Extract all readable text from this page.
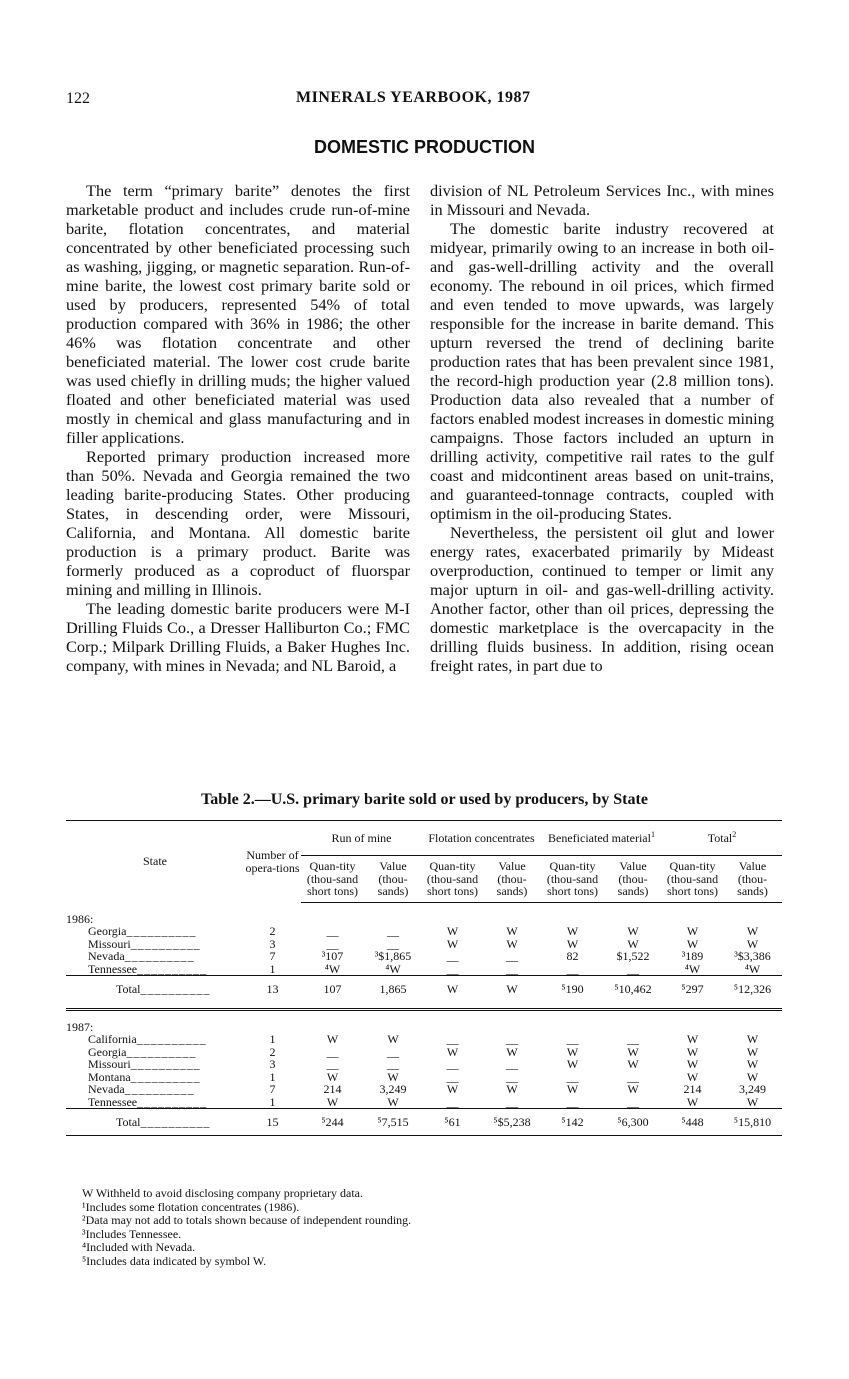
122	MINERALS YEARBOOK, 1987
DOMESTIC PRODUCTION

The term “primary barite” denotes the first marketable product and includes crude run-of-mine barite, flotation concentrates, and material concentrated by other beneficiated processing such as washing, jigging, or magnetic separation. Run-of-mine barite, the lowest cost primary barite sold or used by producers, represented 54% of total production compared with 36% in 1986; the other 46% was flotation concentrate and other beneficiated material. The lower cost crude barite was used chiefly in drilling muds; the higher valued floated and other beneficiated material was used mostly in chemical and glass manufacturing and in filler applications.

Reported primary production increased more than 50%. Nevada and Georgia remained the two leading barite-producing States. Other producing States, in descending order, were Missouri, California, and Montana. All domestic barite production is a primary product. Barite was formerly produced as a coproduct of fluorspar mining and milling in Illinois.

The leading domestic barite producers were M-I Drilling Fluids Co., a Dresser Halliburton Co.; FMC Corp.; Milpark Drilling Fluids, a Baker Hughes Inc. company, with mines in Nevada; and NL Baroid, a

division of NL Petroleum Services Inc., with mines in Missouri and Nevada.

The domestic barite industry recovered at midyear, primarily owing to an increase in both oil- and gas-well-drilling activity and the overall economy. The rebound in oil prices, which firmed and even tended to move upwards, was largely responsible for the increase in barite demand. This upturn reversed the trend of declining barite production rates that has been prevalent since 1981, the record-high production year (2.8 million tons). Production data also revealed that a number of factors enabled modest increases in domestic mining campaigns. Those factors included an upturn in drilling activity, competitive rail rates to the gulf coast and midcontinent areas based on unit-trains, and guaranteed-tonnage contracts, coupled with optimism in the oil-producing States.

Nevertheless, the persistent oil glut and lower energy rates, exacerbated primarily by Mideast overproduction, continued to temper or limit any major upturn in oil- and gas-well-drilling activity. Another factor, other than oil prices, depressing the domestic marketplace is the overcapacity in the drilling fluids business. In addition, rising ocean freight rates, in part due to

Table 2.—U.S. primary barite sold or used by producers, by State
State	Number of opera-tions	Run of mine		Flotation concentrates		Beneficiated material$^1$		Total$^2$
		Quan-tity (thou-sand short tons)	Value (thou-sands)	Quan-tity (thou-sand short tons)	Value (thou-sands)	Quan-tity (thou-sand short tons)	Value (thou-sands)	Quan-tity (thou-sand short tons)	Value (thou-sands)
1986:									
Georgia__________	2	__	__	W	W	W	W	W	W
Missouri__________	3	__	__	W	W	W	W	W	W
Nevada__________	7	³107	³$1,865	__	__	82	$1,522	³189	³$3,386
Tennessee__________	1	⁴W	⁴W	__	__	__	__	⁴W	⁴W
Total__________	13	107	1,865	W	W	⁵190	⁵10,462	⁵297	⁵12,326

1987:									
California__________	1	W	W	__	__	__	__	W	W
Georgia__________	2	__	__	W	W	W	W	W	W
Missouri__________	3	__	__	__	__	W	W	W	W
Montana__________	1	W	W	__	__	__	__	W	W
Nevada__________	7	214	3,249	W	W	W	W	214	3,249
Tennessee__________	1	W	W	__	__	__	__	W	W
Total__________	15	⁵244	⁵7,515	⁵61	⁵$5,238	⁵142	⁵6,300	⁵448	⁵15,810

W Withheld to avoid disclosing company proprietary data.
¹Includes some flotation concentrates (1986).
²Data may not add to totals shown because of independent rounding.
³Includes Tennessee.
⁴Included with Nevada.
⁵Includes data indicated by symbol W.
